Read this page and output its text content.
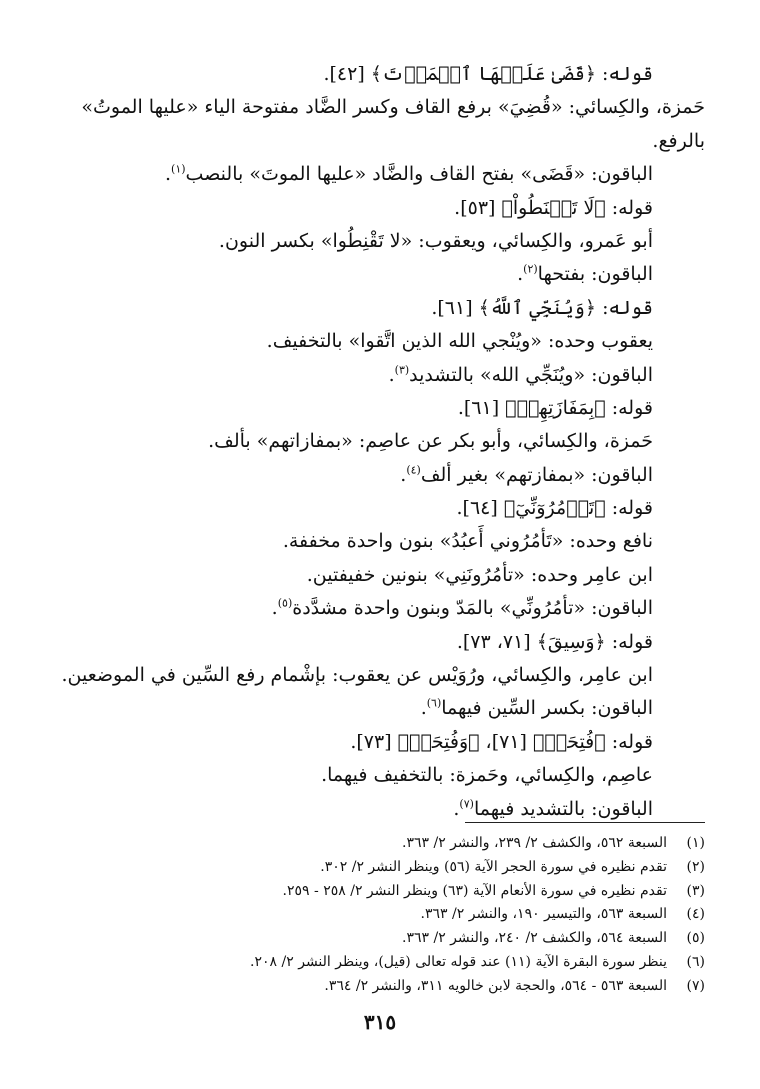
قوله: ﴿قَضَىٰ عَلَيۡهَا ٱلۡمَوۡتَ﴾ [٤٢].
حَمزة، والكِسائي: «قُضِيَ» برفع القاف وكسر الضَّاد مفتوحة الياء «عليها الموتُ»
بالرفع.
الباقون: «قَضَى» بفتح القاف والضَّاد «عليها الموتَ» بالنصب$^{(١)}$.
قوله: ﴿لَا تَقۡنَطُواْ﴾ [٥٣].
أبو عَمرو، والكِسائي، ويعقوب: «لا تَقْنِطُوا» بكسر النون.
الباقون: بفتحها$^{(٢)}$.
قوله: ﴿وَيُنَجِّي ٱللَّهُ﴾ [٦١].
يعقوب وحده: «ويُنْجي الله الذين اتَّقوا» بالتخفيف.
الباقون: «ويُنَجِّي الله» بالتشديد$^{(٣)}$.
قوله: ﴿بِمَفَازَتِهِمۡ﴾ [٦١].
حَمزة، والكِسائي، وأبو بكر عن عاصِم: «بمفازاتهم» بألف.
الباقون: «بمفازتهم» بغير ألف$^{(٤)}$.
قوله: ﴿تَأۡمُرُوٓنِّيٓ﴾ [٦٤].
نافع وحده: «تَأمُرُوني أَعبُدُ» بنون واحدة مخففة.
ابن عامِر وحده: «تأمُرُونَنِي» بنونين خفيفتين.
الباقون: «تأمُرُونِّي» بالمَدّ وبنون واحدة مشدَّدة$^{(٥)}$.
قوله: ﴿وَسِيقَ﴾ [٧١، ٧٣].
ابن عامِر، والكِسائي، ورُوَيْس عن يعقوب: بإشْمام رفع السِّين في الموضعين.
الباقون: بكسر السِّين فيهما$^{(٦)}$.
قوله: ﴿فُتِحَتۡ﴾ [٧١]، ﴿وَفُتِحَتۡ﴾ [٧٣].
عاصِم، والكِسائي، وحَمزة: بالتخفيف فيهما.
الباقون: بالتشديد فيهما$^{(٧)}$.
(١)السبعة ٥٦٢، والكشف ٢/ ٢٣٩، والنشر ٢/ ٣٦٣.
(٢)تقدم نظيره في سورة الحجر الآية (٥٦) وينظر النشر ٢/ ٣٠٢.
(٣)تقدم نظيره في سورة الأنعام الآية (٦٣) وينظر النشر ٢/ ٢٥٨ - ٢٥٩.
(٤)السبعة ٥٦٣، والتيسير ١٩٠، والنشر ٢/ ٣٦٣.
(٥)السبعة ٥٦٤، والكشف ٢/ ٢٤٠، والنشر ٢/ ٣٦٣.
(٦)ينظر سورة البقرة الآية (١١) عند قوله تعالى (قيل)، وينظر النشر ٢/ ٢٠٨.
(٧)السبعة ٥٦٣ - ٥٦٤، والحجة لابن خالويه ٣١١، والنشر ٢/ ٣٦٤.
٣١٥
